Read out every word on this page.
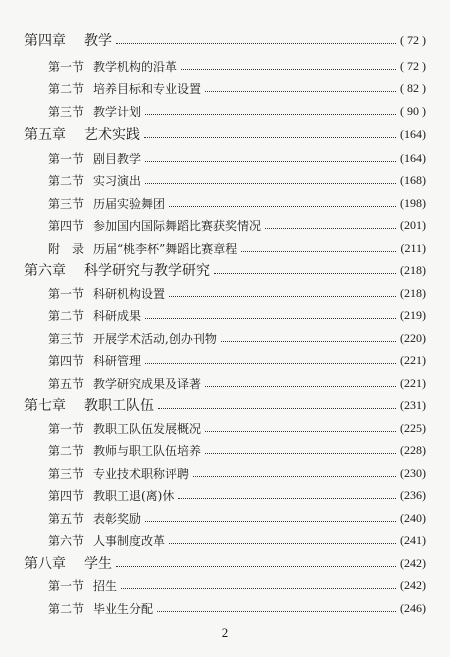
第四章 教学	( 72 )
第一节 教学机构的沿革	( 72 )
第二节 培养目标和专业设置	( 82 )
第三节 教学计划	( 90 )
第五章 艺术实践	(164)
第一节 剧目教学	(164)
第二节 实习演出	(168)
第三节 历届实验舞团	(198)
第四节 参加国内国际舞蹈比赛获奖情况	(201)
附　录 历届“桃李杯”舞蹈比赛章程	(211)
第六章 科学研究与教学研究	(218)
第一节 科研机构设置	(218)
第二节 科研成果	(219)
第三节 开展学术活动,创办刊物	(220)
第四节 科研管理	(221)
第五节 教学研究成果及译著	(221)
第七章 教职工队伍	(231)
第一节 教职工队伍发展概况	(225)
第二节 教师与职工队伍培养	(228)
第三节 专业技术职称评聘	(230)
第四节 教职工退(离)休	(236)
第五节 表彰奖励	(240)
第六节 人事制度改革	(241)
第八章 学生	(242)
第一节 招生	(242)
第二节 毕业生分配	(246)
2
